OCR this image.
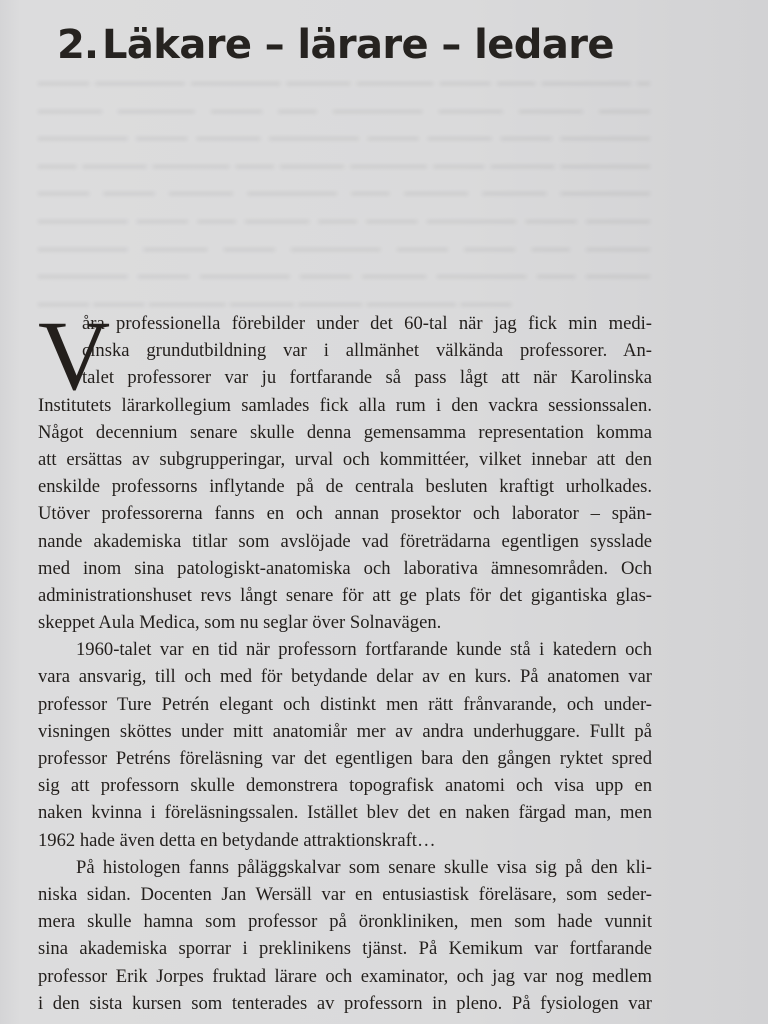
──── ─────── ─────── ───── ────── ──── ─── ─────── ─ ───── ────── ──── ─── ─────── ───── ───── ──── ─────── ──── ───── ─────── ──── ───── ──── ─────── ─── ───── ────── ─── ───── ────── ──── ───── ─────── ──── ──── ───── ─────── ─── ───── ───── ─────── ─────── ──── ─── ───── ─── ──── ─────── ──── ───── ─────── ───── ──── ─────── ──── ──── ─── ───── ─────── ──── ─────── ──── ───── ─────── ─── ───── ──── ──── ────── ───── ───── ─────── ────
2. Läkare – lärare – ledare
V
åra professionella förebilder under det 60-tal när jag fick min medi-
cinska grundutbildning var i allmänhet välkända professorer. An-
talet professorer var ju fortfarande så pass lågt att när Karolinska
Institutets lärarkollegium samlades fick alla rum i den vackra sessionssalen.
Något decennium senare skulle denna gemensamma representation komma
att ersättas av subgrupperingar, urval och kommittéer, vilket innebar att den
enskilde professorns inflytande på de centrala besluten kraftigt urholkades.
Utöver professorerna fanns en och annan prosektor och laborator – spän-
nande akademiska titlar som avslöjade vad företrädarna egentligen sysslade
med inom sina patologiskt-anatomiska och laborativa ämnesområden. Och
administrationshuset revs långt senare för att ge plats för det gigantiska glas-
skeppet Aula Medica, som nu seglar över Solnavägen.
1960-talet var en tid när professorn fortfarande kunde stå i katedern och
vara ansvarig, till och med för betydande delar av en kurs. På anatomen var
professor Ture Petrén elegant och distinkt men rätt frånvarande, och under-
visningen sköttes under mitt anatomiår mer av andra underhuggare. Fullt på
professor Petréns föreläsning var det egentligen bara den gången ryktet spred
sig att professorn skulle demonstrera topografisk anatomi och visa upp en
naken kvinna i föreläsningssalen. Istället blev det en naken färgad man, men
1962 hade även detta en betydande attraktionskraft…
På histologen fanns påläggskalvar som senare skulle visa sig på den kli-
niska sidan. Docenten Jan Wersäll var en entusiastisk föreläsare, som seder-
mera skulle hamna som professor på öronkliniken, men som hade vunnit
sina akademiska sporrar i preklinikens tjänst. På Kemikum var fortfarande
professor Erik Jorpes fruktad lärare och examinator, och jag var nog medlem
i den sista kursen som tenterades av professorn in pleno. På fysiologen var
